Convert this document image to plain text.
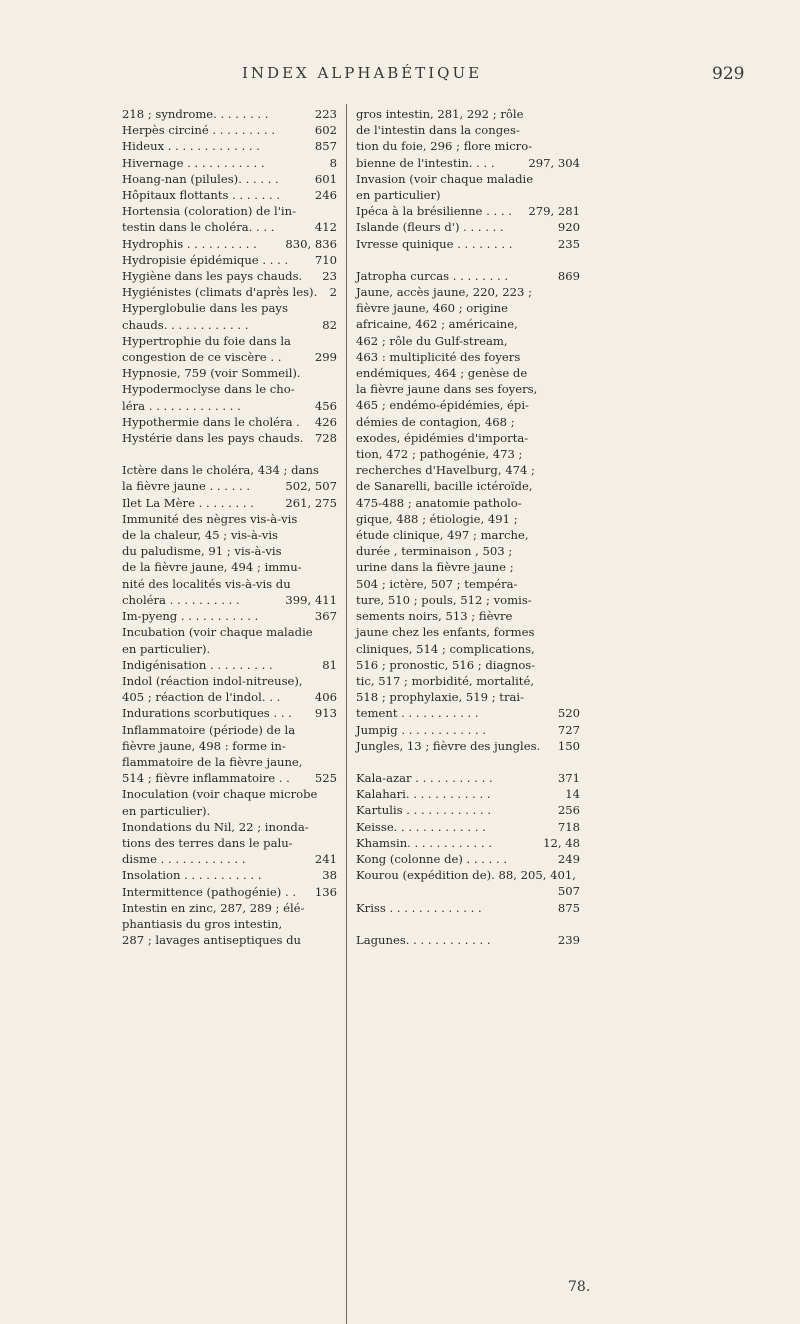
INDEX ALPHABÉTIQUE	929
223
218 ; syndrome. . . . . . . .
602
Herpès circiné . . . . . . . . .
857
Hideux . . . . . . . . . . . . .
8
Hivernage . . . . . . . . . . .
601
Hoang-nan (pilules). . . . . .
246
Hôpitaux flottants . . . . . . .
Hortensia (coloration) de l'in-
412
testin dans le choléra. . . .
830, 836
Hydrophis . . . . . . . . . .
710
Hydropisie épidémique . . . .
23
Hygiène dans les pays chauds.
2
Hygiénistes (climats d'après les).
Hyperglobulie dans les pays
82
chauds. . . . . . . . . . . .
Hypertrophie du foie dans la
299
congestion de ce viscère . .
Hypnosie, 759 (voir Sommeil).
Hypodermoclyse dans le cho-
456
léra . . . . . . . . . . . . .
426
Hypothermie dans le choléra .
728
Hystérie dans les pays chauds.
Ictère dans le choléra, 434 ; dans
502, 507
la fièvre jaune . . . . . .
261, 275
Ilet La Mère . . . . . . . .
Immunité des nègres vis-à-vis
de la chaleur, 45 ; vis-à-vis
du paludisme, 91 ; vis-à-vis
de la fièvre jaune, 494 ; immu-
nité des localités vis-à-vis du
399, 411
choléra . . . . . . . . . .
367
Im-pyeng . . . . . . . . . . .
Incubation (voir chaque maladie
en particulier).
81
Indigénisation . . . . . . . . .
Indol (réaction indol-nitreuse),
406
405 ; réaction de l'indol. . .
913
Indurations scorbutiques . . .
Inflammatoire (période) de la
fièvre jaune, 498 : forme in-
flammatoire de la fièvre jaune,
525
514 ; fièvre inflammatoire . .
Inoculation (voir chaque microbe
en particulier).
Inondations du Nil, 22 ; inonda-
tions des terres dans le palu-
241
disme . . . . . . . . . . . .
38
Insolation . . . . . . . . . . .
136
Intermittence (pathogénie) . .
Intestin en zinc, 287, 289 ; élé-
phantiasis du gros intestin,
287 ; lavages antiseptiques du
gros intestin, 281, 292 ; rôle
de l'intestin dans la conges-
tion du foie, 296 ; flore micro-
297, 304
bienne de l'intestin. . . .
Invasion (voir chaque maladie
en particulier)
279, 281
Ipéca à la brésilienne . . . .
920
Islande (fleurs d') . . . . . .
235
Ivresse quinique . . . . . . . .
869
Jatropha curcas . . . . . . . .
Jaune, accès jaune, 220, 223 ;
fièvre jaune, 460 ; origine
africaine, 462 ; américaine,
462 ; rôle du Gulf-stream,
463 : multiplicité des foyers
endémiques, 464 ; genèse de
la fièvre jaune dans ses foyers,
465 ; endémo-épidémies, épi-
démies de contagion, 468 ;
exodes, épidémies d'importa-
tion, 472 ; pathogénie, 473 ;
recherches d'Havelburg, 474 ;
de Sanarelli, bacille ictéroïde,
475-488 ; anatomie patholo-
gique, 488 ; étiologie, 491 ;
étude clinique, 497 ; marche,
durée , terminaison , 503 ;
urine dans la fièvre jaune ;
504 ; ictère, 507 ; tempéra-
ture, 510 ; pouls, 512 ; vomis-
sements noirs, 513 ; fièvre
jaune chez les enfants, formes
cliniques, 514 ; complications,
516 ; pronostic, 516 ; diagnos-
tic, 517 ; morbidité, mortalité,
518 ; prophylaxie, 519 ; trai-
520
tement . . . . . . . . . . .
727
Jumpig . . . . . . . . . . . .
150
Jungles, 13 ; fièvre des jungles.
371
Kala-azar . . . . . . . . . . .
14
Kalahari. . . . . . . . . . . .
256
Kartulis . . . . . . . . . . . .
718
Keisse. . . . . . . . . . . . .
12, 48
Khamsin. . . . . . . . . . . .
249
Kong (colonne de) . . . . . .
Kourou (expédition de). 88, 205, 401,
507
875
Kriss . . . . . . . . . . . . .
239
Lagunes. . . . . . . . . . . .
78.
